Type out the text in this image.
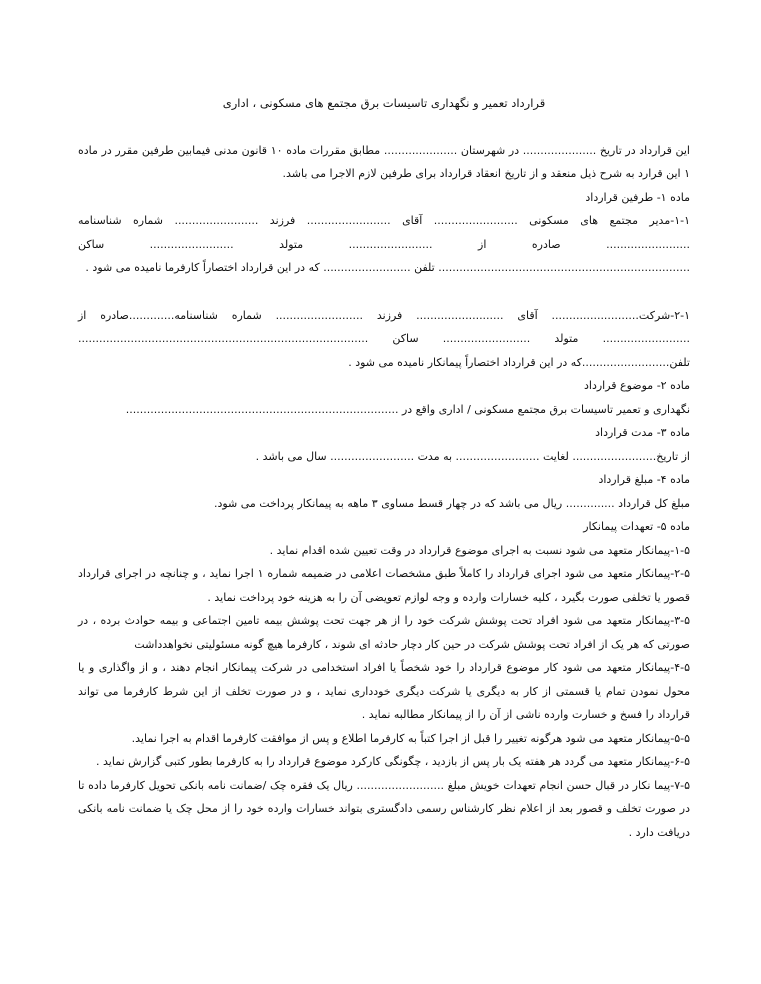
قرارداد تعمیر و نگهداری تاسیسات برق مجتمع های مسکونی ، اداری

این قرارداد در تاریخ ..................... در شهرستان ..................... مطابق مقررات ماده ۱۰ قانون مدنی فیمابین طرفین مقرر در ماده ۱ این قرارد به شرح ذیل منعقد و از تاریخ انعقاد قرارداد برای طرفین لازم الاجرا می باشد.

ماده ۱- طرفین قرارداد

۱-۱-مدیر مجتمع های مسکونی ........................ آقای ........................ فرزند ........................ شماره شناسنامه ........................ صادره از ........................ متولد ........................ ساکن ........................................................................ تلفن ......................... که در این قرارداد اختصاراً کارفرما نامیده می شود .

۲-۱-شرکت......................... آقای ......................... فرزند ......................... شماره شناسنامه.............صادره از ......................... متولد ......................... ساکن ................................................................................... تلفن.........................که در این قرارداد اختصاراً پیمانکار نامیده می شود .

ماده ۲- موضوع قرارداد

نگهداری و تعمیر تاسیسات برق مجتمع مسکونی / اداری واقع در ..............................................................................

ماده ۳- مدت قرارداد

از تاریخ........................ لغایت ........................ به مدت ........................ سال می باشد .

ماده ۴- مبلغ قرارداد

مبلغ کل قرارداد .............. ریال می باشد که در چهار قسط مساوی ۳ ماهه به پیمانکار پرداخت می شود.

ماده ۵- تعهدات پیمانکار

۱-۵-پیمانکار متعهد می شود نسبت به اجرای موضوع قرارداد در وقت تعیین شده اقدام نماید .

۲-۵-پیمانکار متعهد می شود اجرای قرارداد را کاملاً طبق مشخصات اعلامی در ضمیمه شماره ۱ اجرا نماید ، و چنانچه در اجرای قرارداد قصور یا تخلفی صورت بگیرد ، کلیه خسارات وارده و وجه لوازم تعویضی آن را به هزینه خود پرداخت نماید .

۳-۵-پیمانکار متعهد می شود افراد تحت پوشش شرکت خود را از هر جهت تحت پوشش بیمه تامین اجتماعی و بیمه حوادث برده ، در صورتی که هر یک از افراد تحت پوشش شرکت در حین کار دچار حادثه ای شوند ، کارفرما هیچ گونه مسئولیتی نخواهدداشت

۴-۵-پیمانکار متعهد می شود کار موضوع قرارداد را خود شخصاً یا افراد استخدامی در شرکت پیمانکار انجام دهند ، و از واگذاری و یا محول نمودن تمام یا قسمتی از کار به دیگری یا شرکت دیگری خودداری نماید ، و در صورت تخلف از این شرط کارفرما می تواند قرارداد را فسخ و خسارت وارده ناشی از آن را از پیمانکار مطالبه نماید .

۵-۵-پیمانکار متعهد می شود هرگونه تغییر را قبل از اجرا کتباً به کارفرما اطلاع و پس از موافقت کارفرما اقدام به اجرا نماید.

۶-۵-پیمانکار متعهد می گردد هر هفته یک بار پس از بازدید ، چگونگی کارکرد موضوع قرارداد را به کارفرما بطور کتبی گزارش نماید .

۷-۵-پیما نکار در قبال حسن انجام تعهدات خویش مبلغ ......................... ریال یک فقره چک /ضمانت نامه بانکی تحویل کارفرما داده تا در صورت تخلف و قصور بعد از اعلام نظر کارشناس رسمی دادگستری بتواند خسارات وارده خود را از محل چک یا ضمانت نامه بانکی دریافت دارد .
